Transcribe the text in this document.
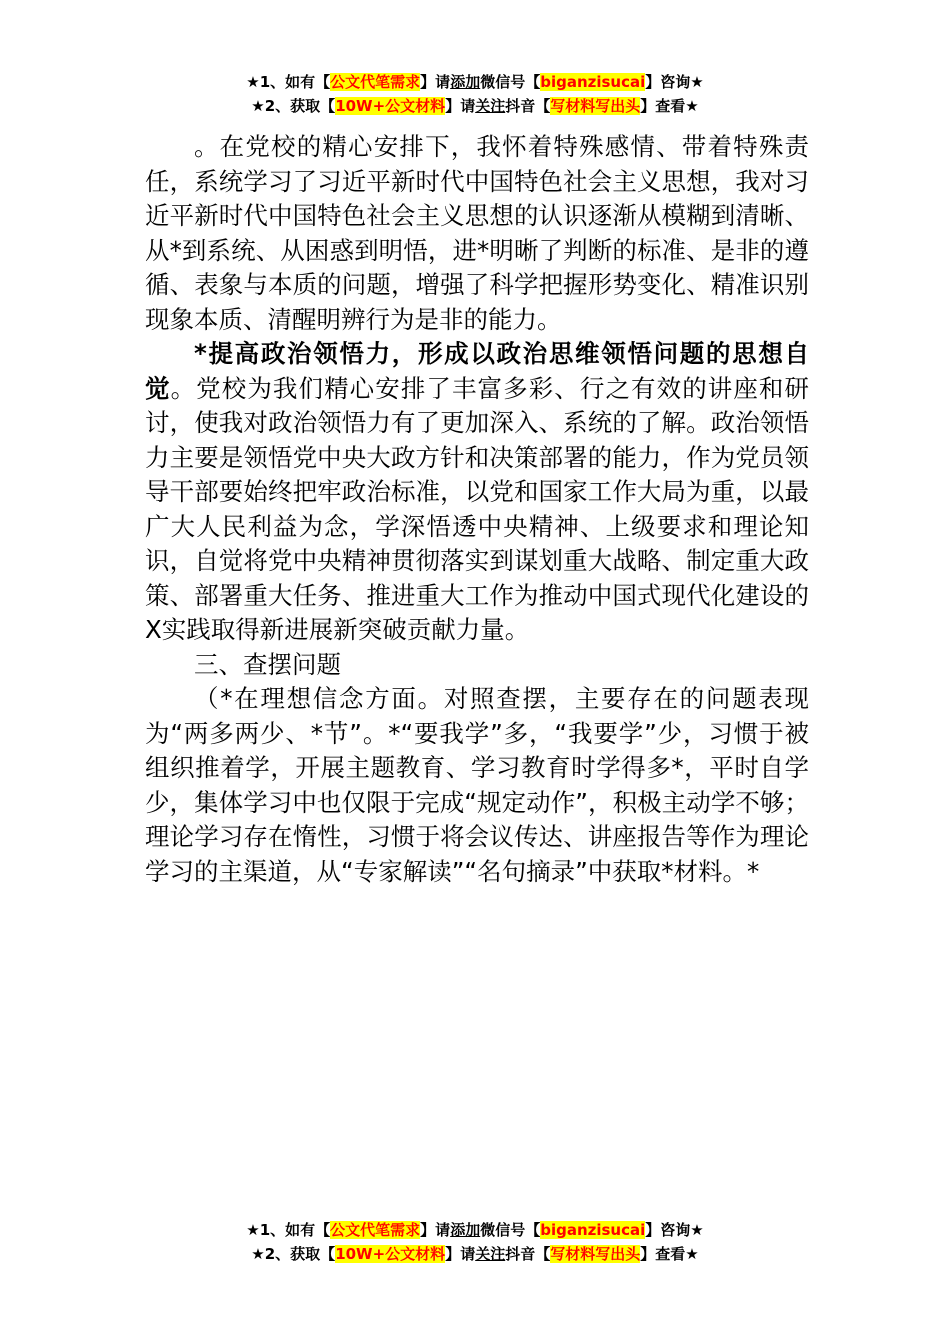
★1、如有【公文代笔需求】请添加微信号【biganzisucai】咨询★
★2、获取【10W+公文材料】请关注抖音【写材料写出头】查看★

。在党校的精心安排下，我怀着特殊感情、带着特殊责任，系统学习了习近平新时代中国特色社会主义思想，我对习近平新时代中国特色社会主义思想的认识逐渐从模糊到清晰、从*到系统、从困惑到明悟，进*明晰了判断的标准、是非的遵循、表象与本质的问题，增强了科学把握形势变化、精准识别现象本质、清醒明辨行为是非的能力。

*提高政治领悟力，形成以政治思维领悟问题的思想自觉。党校为我们精心安排了丰富多彩、行之有效的讲座和研讨，使我对政治领悟力有了更加深入、系统的了解。政治领悟力主要是领悟党中央大政方针和决策部署的能力，作为党员领导干部要始终把牢政治标准，以党和国家工作大局为重，以最广大人民利益为念，学深悟透中央精神、上级要求和理论知识，自觉将党中央精神贯彻落实到谋划重大战略、制定重大政策、部署重大任务、推进重大工作为推动中国式现代化建设的X实践取得新进展新突破贡献力量。

三、查摆问题

（*在理想信念方面。对照查摆，主要存在的问题表现为“两多两少、*节”。*“要我学”多，“我要学”少，习惯于被组织推着学，开展主题教育、学习教育时学得多*，平时自学少，集体学习中也仅限于完成“规定动作”，积极主动学不够；理论学习存在惰性，习惯于将会议传达、讲座报告等作为理论学习的主渠道，从“专家解读”“名句摘录”中获取*材料。*

★1、如有【公文代笔需求】请添加微信号【biganzisucai】咨询★
★2、获取【10W+公文材料】请关注抖音【写材料写出头】查看★
